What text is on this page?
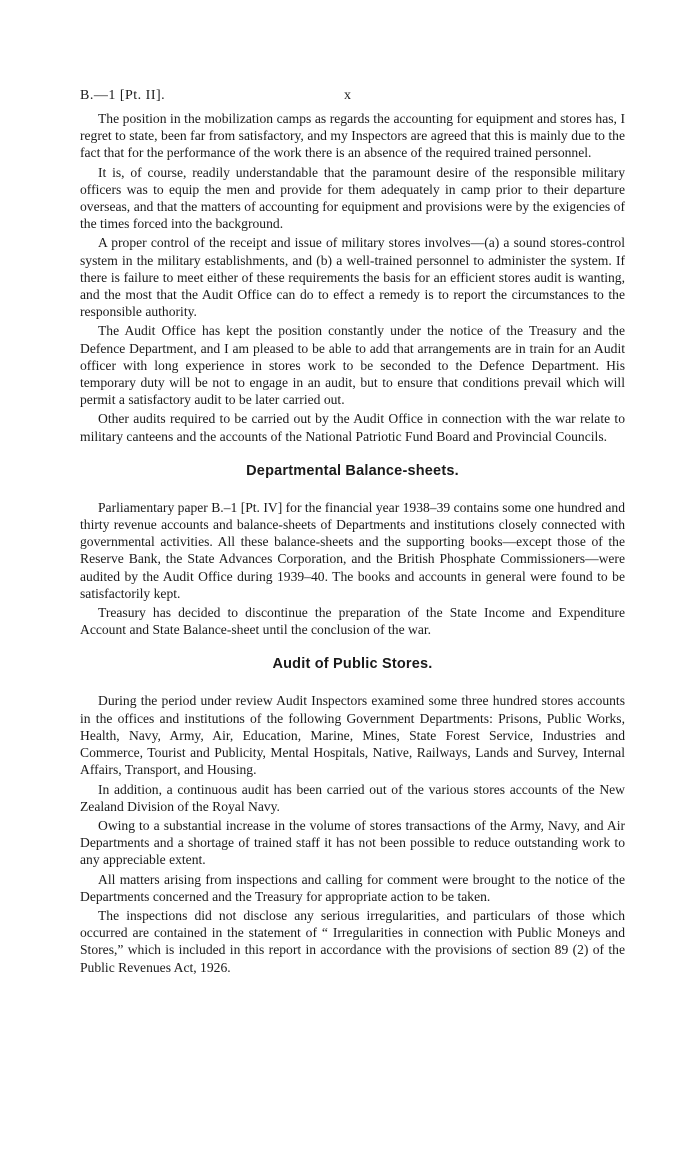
B.—1 [Pt. II].	x

The position in the mobilization camps as regards the accounting for equipment and stores has, I regret to state, been far from satisfactory, and my Inspectors are agreed that this is mainly due to the fact that for the performance of the work there is an absence of the required trained personnel.

It is, of course, readily understandable that the paramount desire of the responsible military officers was to equip the men and provide for them adequately in camp prior to their departure overseas, and that the matters of accounting for equipment and provisions were by the exigencies of the times forced into the background.

A proper control of the receipt and issue of military stores involves—(a) a sound stores-control system in the military establishments, and (b) a well-trained personnel to administer the system. If there is failure to meet either of these requirements the basis for an efficient stores audit is wanting, and the most that the Audit Office can do to effect a remedy is to report the circumstances to the responsible authority.

The Audit Office has kept the position constantly under the notice of the Treasury and the Defence Department, and I am pleased to be able to add that arrangements are in train for an Audit officer with long experience in stores work to be seconded to the Defence Department. His temporary duty will be not to engage in an audit, but to ensure that conditions prevail which will permit a satisfactory audit to be later carried out.

Other audits required to be carried out by the Audit Office in connection with the war relate to military canteens and the accounts of the National Patriotic Fund Board and Provincial Councils.

Departmental Balance-sheets.

Parliamentary paper B.–1 [Pt. IV] for the financial year 1938–39 contains some one hundred and thirty revenue accounts and balance-sheets of Departments and institutions closely connected with governmental activities. All these balance-sheets and the supporting books—except those of the Reserve Bank, the State Advances Corporation, and the British Phosphate Commissioners—were audited by the Audit Office during 1939–40. The books and accounts in general were found to be satisfactorily kept.

Treasury has decided to discontinue the preparation of the State Income and Expenditure Account and State Balance-sheet until the conclusion of the war.

Audit of Public Stores.

During the period under review Audit Inspectors examined some three hundred stores accounts in the offices and institutions of the following Government Departments: Prisons, Public Works, Health, Navy, Army, Air, Education, Marine, Mines, State Forest Service, Industries and Commerce, Tourist and Publicity, Mental Hospitals, Native, Railways, Lands and Survey, Internal Affairs, Transport, and Housing.

In addition, a continuous audit has been carried out of the various stores accounts of the New Zealand Division of the Royal Navy.

Owing to a substantial increase in the volume of stores transactions of the Army, Navy, and Air Departments and a shortage of trained staff it has not been possible to reduce outstanding work to any appreciable extent.

All matters arising from inspections and calling for comment were brought to the notice of the Departments concerned and the Treasury for appropriate action to be taken.

The inspections did not disclose any serious irregularities, and particulars of those which occurred are contained in the statement of “ Irregularities in connection with Public Moneys and Stores,” which is included in this report in accordance with the provisions of section 89 (2) of the Public Revenues Act, 1926.
